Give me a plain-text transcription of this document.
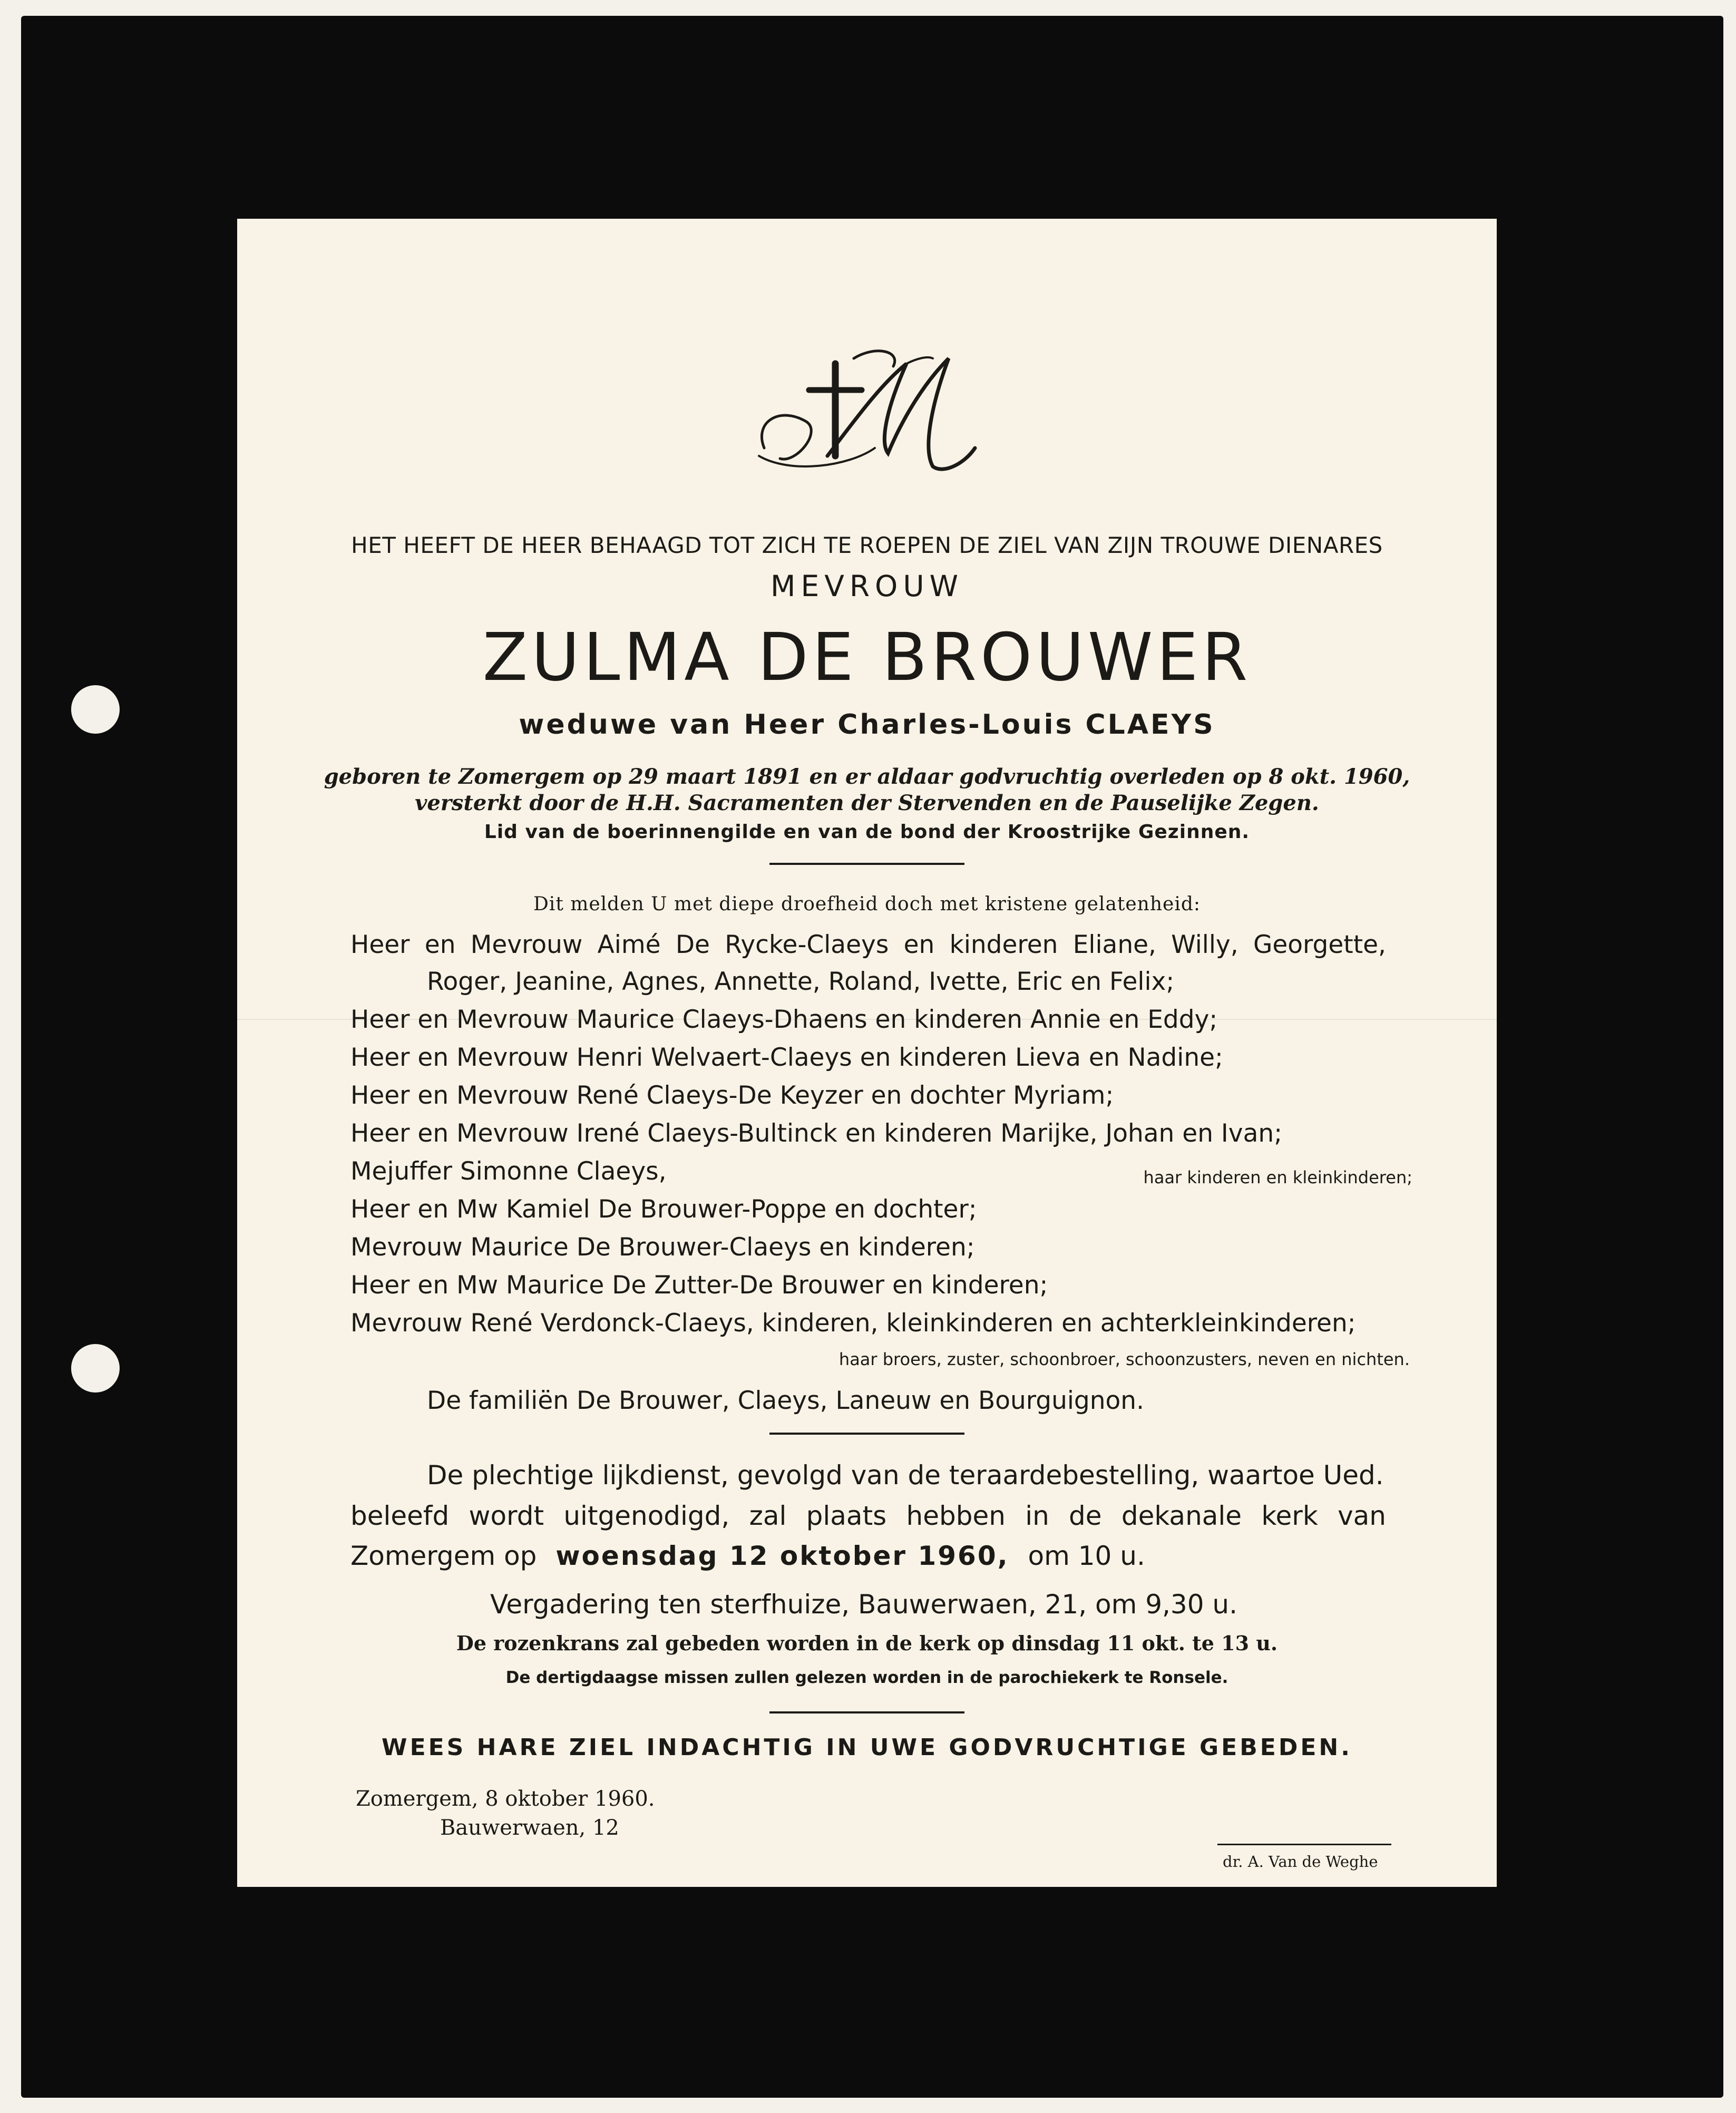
HET HEEFT DE HEER BEHAAGD TOT ZICH TE ROEPEN DE ZIEL VAN ZIJN TROUWE DIENARES
MEVROUW
ZULMA DE BROUWER
weduwe van Heer Charles-Louis CLAEYS
geboren te Zomergem op 29 maart 1891 en er aldaar godvruchtig overleden op 8 okt. 1960,
versterkt door de H.H. Sacramenten der Stervenden en de Pauselijke Zegen.
Lid van de boerinnengilde en van de bond der Kroostrijke Gezinnen.
Dit melden U met diepe droefheid doch met kristene gelatenheid:
Heer en Mevrouw Aimé De Rycke-Claeys en kinderen Eliane, Willy, Georgette,
Roger, Jeanine, Agnes, Annette, Roland, Ivette, Eric en Felix;
Heer en Mevrouw Maurice Claeys-Dhaens en kinderen Annie en Eddy;
Heer en Mevrouw Henri Welvaert-Claeys en kinderen Lieva en Nadine;
Heer en Mevrouw René Claeys-De Keyzer en dochter Myriam;
Heer en Mevrouw Irené Claeys-Bultinck en kinderen Marijke, Johan en Ivan;
Mejuffer Simonne Claeys,	haar kinderen en kleinkinderen;
Heer en Mw Kamiel De Brouwer-Poppe en dochter;
Mevrouw Maurice De Brouwer-Claeys en kinderen;
Heer en Mw Maurice De Zutter-De Brouwer en kinderen;
Mevrouw René Verdonck-Claeys, kinderen, kleinkinderen en achterkleinkinderen;
haar broers, zuster, schoonbroer, schoonzusters, neven en nichten.
De familiën De Brouwer, Claeys, Laneuw en Bourguignon.
De plechtige lijkdienst, gevolgd van de teraardebestelling, waartoe Ued.
beleefd wordt uitgenodigd, zal plaats hebben in de dekanale kerk van
Zomergem op woensdag 12 oktober 1960, om 10 u.
Vergadering ten sterfhuize, Bauwerwaen, 21, om 9,30 u.
De rozenkrans zal gebeden worden in de kerk op dinsdag 11 okt. te 13 u.
De dertigdaagse missen zullen gelezen worden in de parochiekerk te Ronsele.
WEES HARE ZIEL INDACHTIG IN UWE GODVRUCHTIGE GEBEDEN.
Zomergem, 8 oktober 1960.
Bauwerwaen, 12
dr. A. Van de Weghe
